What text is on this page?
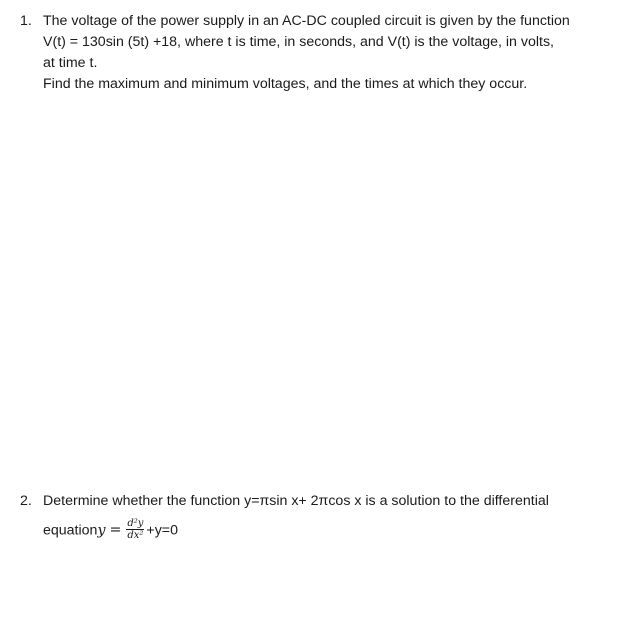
1. The voltage of the power supply in an AC-DC coupled circuit is given by the function
V(t) = 130sin (5t) +18, where t is time, in seconds, and V(t) is the voltage, in volts,
at time t.
Find the maximum and minimum voltages, and the times at which they occur.
2. Determine whether the function y=πsin x+ 2πcos x is a solution to the differential
equationy = $\frac{\text{d²y}}{\text{dx²}} +y=0$
